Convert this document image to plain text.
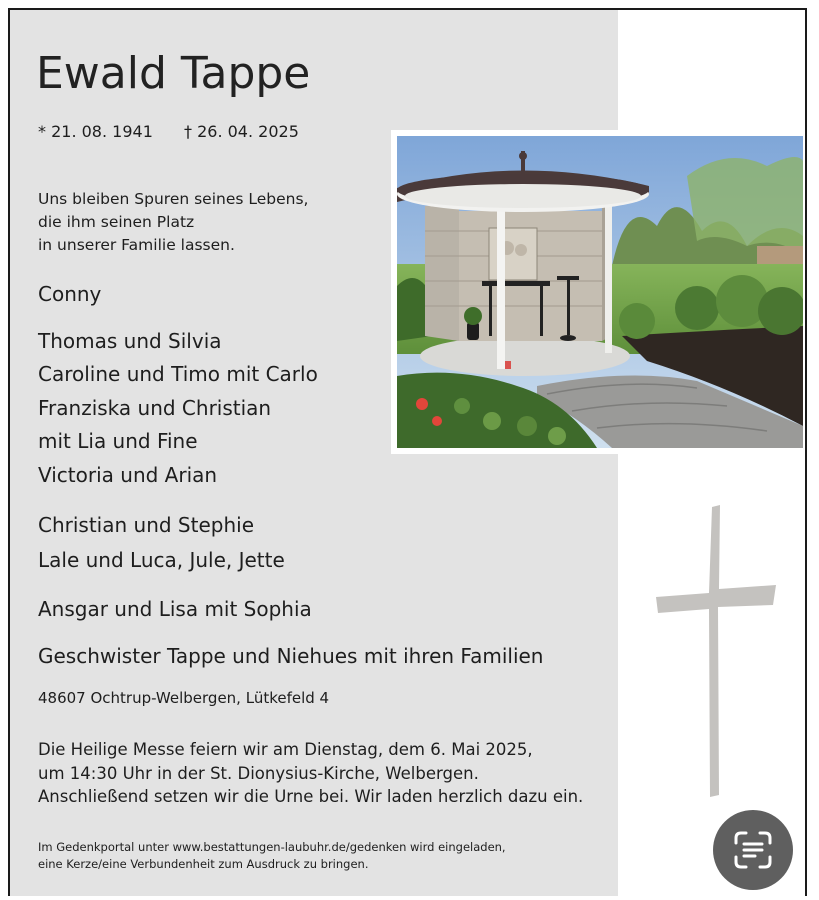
Ewald Tappe
* 21. 08. 1941 † 26. 04. 2025
Uns bleiben Spuren seines Lebens,
die ihm seinen Platz
in unserer Familie lassen.
Conny
Thomas und Silvia
Caroline und Timo mit Carlo
Franziska und Christian
mit Lia und Fine
Victoria und Arian
Christian und Stephie
Lale und Luca, Jule, Jette
Ansgar und Lisa mit Sophia
Geschwister Tappe und Niehues mit ihren Familien
48607 Ochtrup-Welbergen, Lütkefeld 4
Die Heilige Messe feiern wir am Dienstag, dem 6. Mai 2025,
um 14:30 Uhr in der St. Dionysius-Kirche, Welbergen.
Anschließend setzen wir die Urne bei. Wir laden herzlich dazu ein.
Im Gedenkportal unter www.bestattungen-laubuhr.de/gedenken wird eingeladen,
eine Kerze/eine Verbundenheit zum Ausdruck zu bringen.
